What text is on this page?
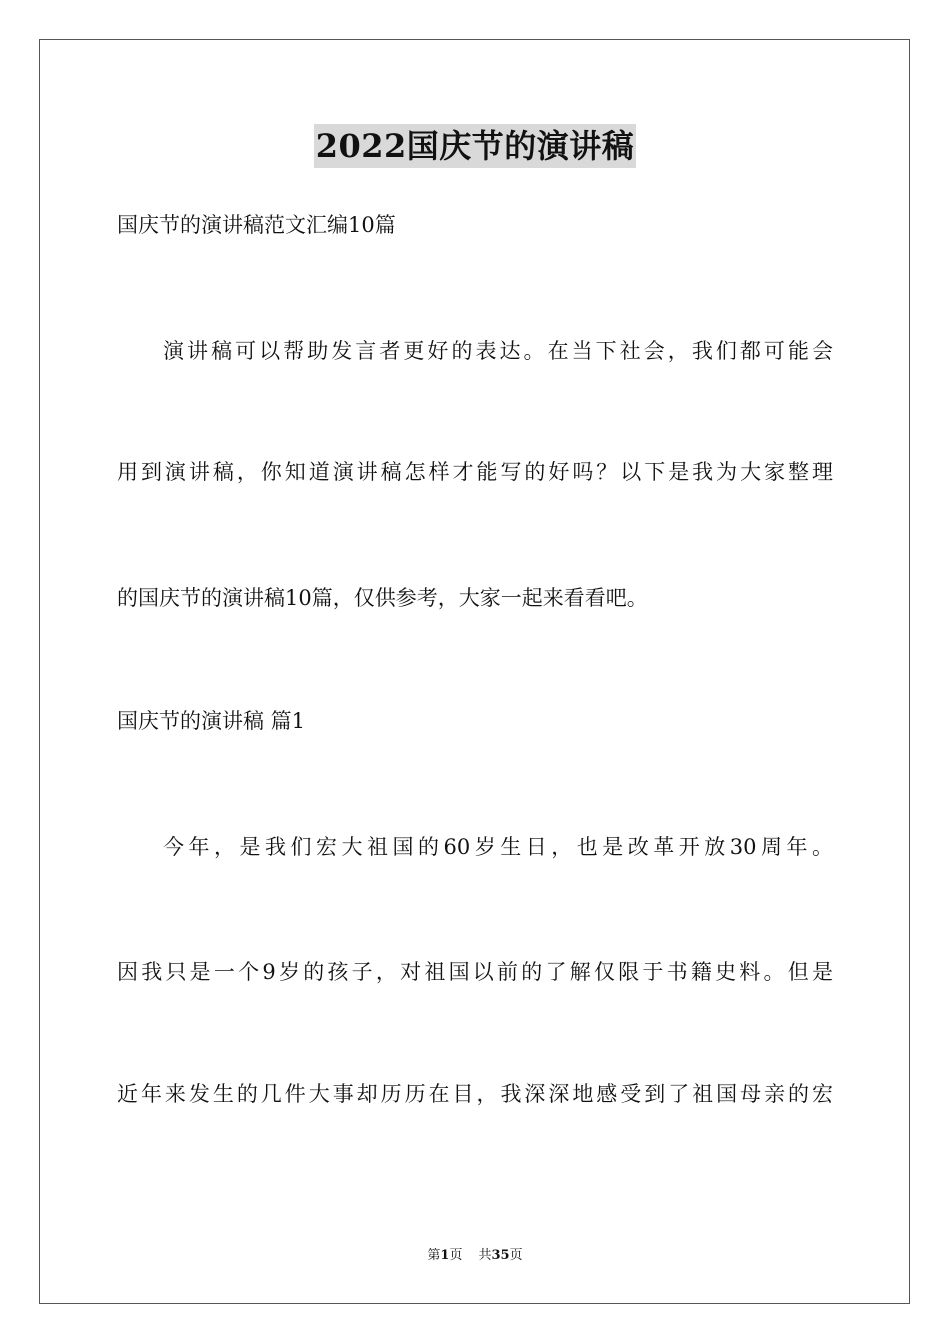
2022国庆节的演讲稿
国庆节的演讲稿范文汇编10篇
演讲稿可以帮助发言者更好的表达。在当下社会，我们都可能会
用到演讲稿，你知道演讲稿怎样才能写的好吗？以下是我为大家整理
的国庆节的演讲稿10篇，仅供参考，大家一起来看看吧。
国庆节的演讲稿 篇1
今年，是我们宏大祖国的60岁生日，也是改革开放30周年。
因我只是一个9岁的孩子，对祖国以前的了解仅限于书籍史料。但是
近年来发生的几件大事却历历在目，我深深地感受到了祖国母亲的宏
第1页 共35页
